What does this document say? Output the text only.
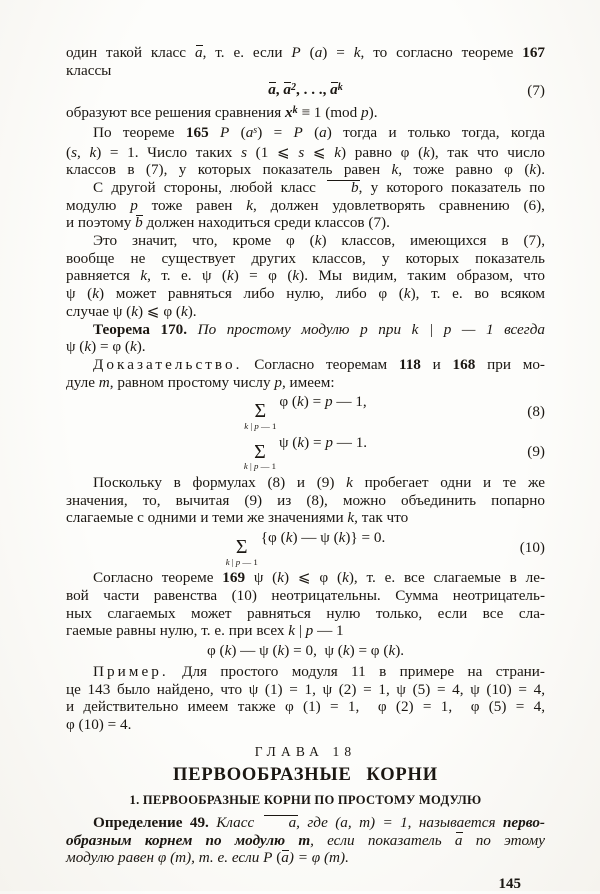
один такой класс a, т. е. если P (a) = k, то согласно теореме 167
классы
a, $a^2$, . . ., $a^k$	(7)
образуют все решения сравнения $x^k \equiv 1$ (mod p).
По теореме 165 P $(a^s) = P$ (a) тогда и только тогда, когда
(s, k) = 1. Число таких s (1 ⩽ s ⩽ k) равно φ (k), так что число
классов в (7), у которых показатель равен k, тоже равно φ (k).
С другой стороны, любой класс b, у которого показатель по
модулю p тоже равен k, должен удовлетворять сравнению (6),
и поэтому b должен находиться среди классов (7).
Это значит, что, кроме φ (k) классов, имеющихся в (7),
вообще не существует других классов, у которых показатель
равняется k, т. е. ψ (k) = φ (k). Мы видим, таким образом, что
ψ (k) может равняться либо нулю, либо φ (k), т. е. во всяком
случае ψ (k) ⩽ φ (k).
Теорема 170. По простому модулю p при k | p — 1 всегда
ψ (k) = φ (k).
Доказательство. Согласно теоремам 118 и 168 при мо-
дуле m, равном простому числу p, имеем:
Σ
k | p — 1
φ (k) = p — 1,
(8)
Σ
k | p — 1
ψ (k) = p — 1.
(9)
Поскольку в формулах (8) и (9) k пробегает одни и те же
значения, то, вычитая (9) из (8), можно объединить попарно
слагаемые с одними и теми же значениями k, так что
Σ
k | p — 1
{φ (k) — ψ (k)} = 0.
(10)
Согласно теореме 169 ψ (k) ⩽ φ (k), т. е. все слагаемые в ле-
вой части равенства (10) неотрицательны. Сумма неотрицатель-
ных слагаемых может равняться нулю только, если все сла-
гаемые равны нулю, т. е. при всех k | p — 1
φ (k) — ψ (k) = 0,  ψ (k) = φ (k).
Пример. Для простого модуля 11 в примере на страни-
це 143 было найдено, что ψ (1) = 1, ψ (2) = 1, ψ (5) = 4, ψ (10) = 4,
и действительно имеем также φ (1) = 1,  φ (2) = 1,  φ (5) = 4,
φ (10) = 4.
ГЛАВА 18
ПЕРВООБРАЗНЫЕ КОРНИ
1. ПЕРВООБРАЗНЫЕ КОРНИ ПО ПРОСТОМУ МОДУЛЮ
Определение 49. Класс a, где (a, m) = 1, называется перво-
образным корнем по модулю m, если показатель a по этому
модулю равен φ (m), т. е. если P (a) = φ (m).
145
